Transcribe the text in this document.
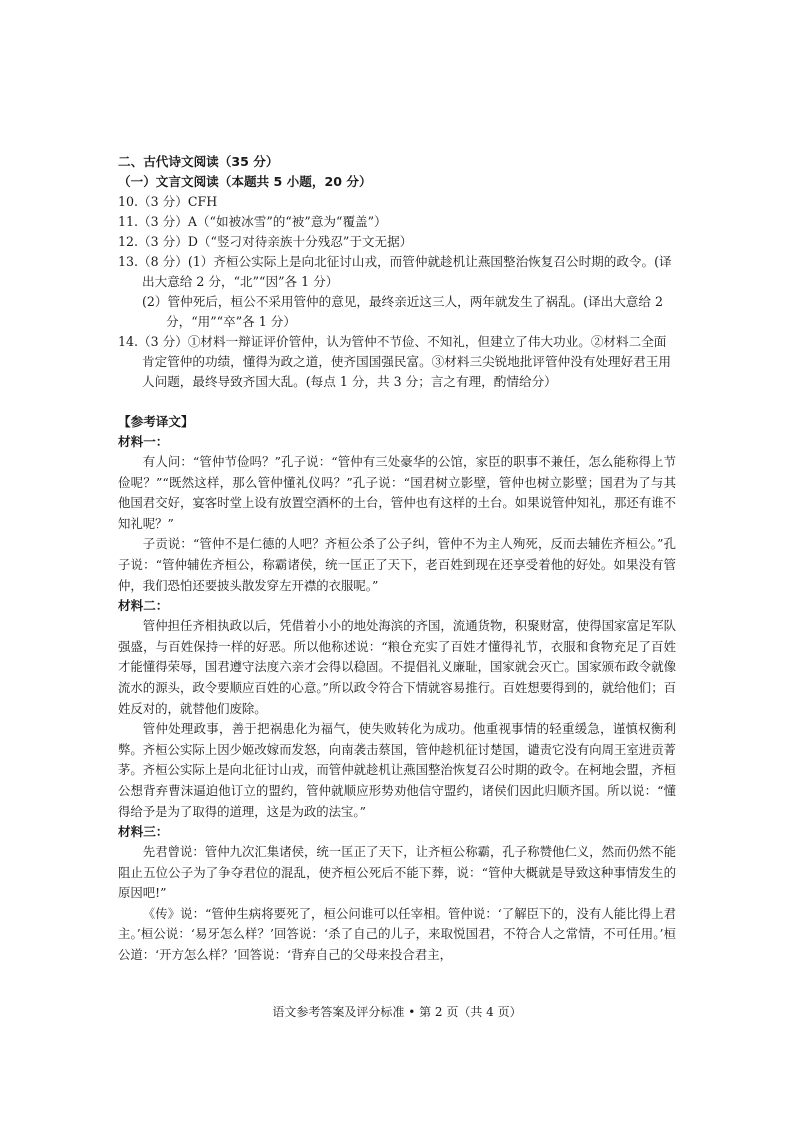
二、古代诗文阅读（35 分）
（一）文言文阅读（本题共 5 小题，20 分）
10.（3 分）CFH
11.（3 分）A（“如被冰雪”的“被”意为“覆盖”）
12.（3 分）D（“竖刁对待亲族十分残忍”于文无据）
13.（8 分）(1）齐桓公实际上是向北征讨山戎，而管仲就趁机让燕国整治恢复召公时期的政令。(译出大意给 2 分，“北”“因”各 1 分）
(2）管仲死后，桓公不采用管仲的意见，最终亲近这三人，两年就发生了祸乱。(译出大意给 2 分，“用”“卒”各 1 分）
14.（3 分）①材料一辩证评价管仲，认为管仲不节俭、不知礼，但建立了伟大功业。②材料二全面肯定管仲的功绩，懂得为政之道，使齐国国强民富。③材料三尖锐地批评管仲没有处理好君王用人问题，最终导致齐国大乱。(每点 1 分，共 3 分；言之有理，酌情给分）
【参考译文】
材料一：
有人问：“管仲节俭吗？”孔子说：“管仲有三处豪华的公馆，家臣的职事不兼任，怎么能称得上节俭呢？”“既然这样，那么管仲懂礼仪吗？”孔子说：“国君树立影壁，管仲也树立影壁；国君为了与其他国君交好，宴客时堂上设有放置空酒杯的土台，管仲也有这样的土台。如果说管仲知礼，那还有谁不知礼呢？”
子贡说：“管仲不是仁德的人吧？齐桓公杀了公子纠，管仲不为主人殉死，反而去辅佐齐桓公。”孔子说：“管仲辅佐齐桓公，称霸诸侯，统一匡正了天下，老百姓到现在还享受着他的好处。如果没有管仲，我们恐怕还要披头散发穿左开襟的衣服呢。”
材料二：
管仲担任齐相执政以后，凭借着小小的地处海滨的齐国，流通货物，积聚财富，使得国家富足军队强盛，与百姓保持一样的好恶。所以他称述说：“粮仓充实了百姓才懂得礼节，衣服和食物充足了百姓才能懂得荣辱，国君遵守法度六亲才会得以稳固。不提倡礼义廉耻，国家就会灭亡。国家颁布政令就像流水的源头，政令要顺应百姓的心意。”所以政令符合下情就容易推行。百姓想要得到的，就给他们；百姓反对的，就替他们废除。
管仲处理政事，善于把祸患化为福气，使失败转化为成功。他重视事情的轻重缓急，谨慎权衡利弊。齐桓公实际上因少姬改嫁而发怒，向南袭击蔡国，管仲趁机征讨楚国，谴责它没有向周王室进贡菁茅。齐桓公实际上是向北征讨山戎，而管仲就趁机让燕国整治恢复召公时期的政令。在柯地会盟，齐桓公想背弃曹沫逼迫他订立的盟约，管仲就顺应形势劝他信守盟约，诸侯们因此归顺齐国。所以说：“懂得给予是为了取得的道理，这是为政的法宝。”
材料三：
先君曾说：管仲九次汇集诸侯，统一匡正了天下，让齐桓公称霸，孔子称赞他仁义，然而仍然不能阻止五位公子为了争夺君位的混乱，使齐桓公死后不能下葬，说：“管仲大概就是导致这种事情发生的原因吧!”
《传》说：“管仲生病将要死了，桓公问谁可以任宰相。管仲说：‘了解臣下的，没有人能比得上君主。’桓公说：‘易牙怎么样？’回答说：‘杀了自己的儿子，来取悦国君，不符合人之常情，不可任用。’桓公道：‘开方怎么样？’回答说：‘背弃自己的父母来投合君主，
语文参考答案及评分标准 • 第 2 页（共 4 页）
